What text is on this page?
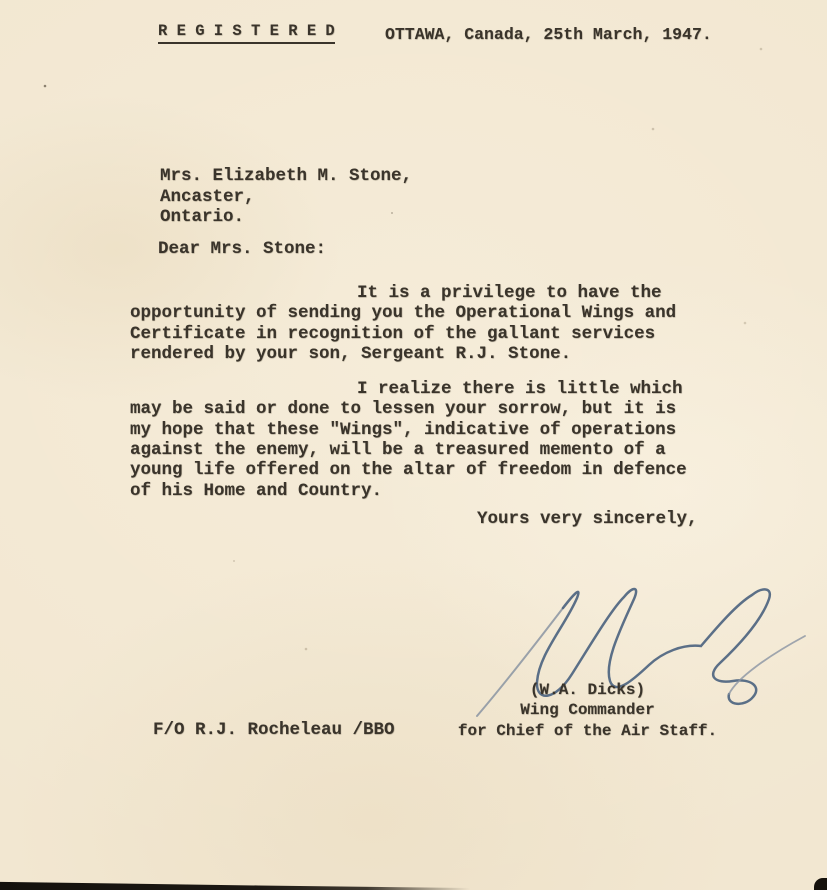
R E G I S T E R E D	OTTAWA, Canada, 25th March, 1947.
Mrs. Elizabeth M. Stone,
Ancaster,
Ontario.
Dear Mrs. Stone:

It is a privilege to have the
opportunity of sending you the Operational Wings and
Certificate in recognition of the gallant services
rendered by your son, Sergeant R.J. Stone.

I realize there is little which
may be said or done to lessen your sorrow, but it is
my hope that these "Wings", indicative of operations
against the enemy, will be a treasured memento of a
young life offered on the altar of freedom in defence
of his Home and Country.

Yours very sincerely,

(W.A. Dicks)
Wing Commander
for Chief of the Air Staff.
F/O R.J. Rocheleau /BBO
